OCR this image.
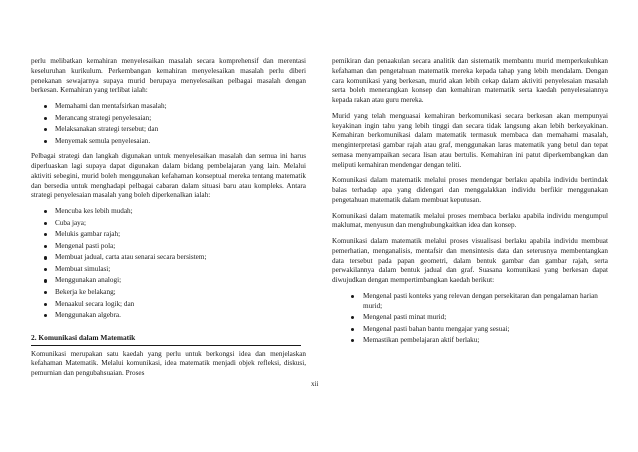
perlu melibatkan kemahiran menyelesaikan masalah secara komprehensif dan merentasi keseluruhan kurikulum. Perkembangan kemahiran menyelesaikan masalah perlu diberi penekanan sewajarnya supaya murid berupaya menyelesaikan pelbagai masalah dengan berkesan. Kemahiran yang terlibat ialah:

Memahami dan mentafsirkan masalah;
Merancang strategi penyelesaian;
Melaksanakan strategi tersebut; dan
Menyemak semula penyelesaian.

Pelbagai strategi dan langkah digunakan untuk menyelesaikan masalah dan semua ini harus diperluaskan lagi supaya dapat digunakan dalam bidang pembelajaran yang lain. Melalui aktiviti sebegini, murid boleh menggunakan kefahaman konseptual mereka tentang matematik dan bersedia untuk menghadapi pelbagai cabaran dalam situasi baru atau kompleks. Antara strategi penyelesaian masalah yang boleh diperkenalkan ialah:

Mencuba kes lebih mudah;
Cuba jaya;
Melukis gambar rajah;
Mengenal pasti pola;
Membuat jadual, carta atau senarai secara bersistem;
Membuat simulasi;
Menggunakan analogi;
Bekerja ke belakang;
Menaakul secara logik; dan
Menggunakan algebra.
2. Komunikasi dalam Matematik

Komunikasi merupakan satu kaedah yang perlu untuk berkongsi idea dan menjelaskan kefahaman Matematik. Melalui komunikasi, idea matematik menjadi objek refleksi, diskusi, pemurnian dan pengubahsuaian. Proses

pemikiran dan penaakulan secara analitik dan sistematik membantu murid memperkukuhkan kefahaman dan pengetahuan matematik mereka kepada tahap yang lebih mendalam. Dengan cara komunikasi yang berkesan, murid akan lebih cekap dalam aktiviti penyelesaian masalah serta boleh menerangkan konsep dan kemahiran matematik serta kaedah penyelesaiannya kepada rakan atau guru mereka.

Murid yang telah menguasai kemahiran berkomunikasi secara berkesan akan mempunyai keyakinan ingin tahu yang lebih tinggi dan secara tidak langsung akan lebih berkeyakinan. Kemahiran berkomunikasi dalam matematik termasuk membaca dan memahami masalah, menginterpretasi gambar rajah atau graf, menggunakan laras matematik yang betul dan tepat semasa menyampaikan secara lisan atau bertulis. Kemahiran ini patut diperkembangkan dan meliputi kemahiran mendengar dengan teliti.

Komunikasi dalam matematik melalui proses mendengar berlaku apabila individu bertindak balas terhadap apa yang didengari dan menggalakkan individu berfikir menggunakan pengetahuan matematik dalam membuat keputusan.

Komunikasi dalam matematik melalui proses membaca berlaku apabila individu mengumpul maklumat, menyusun dan menghubungkaitkan idea dan konsep.

Komunikasi dalam matematik melalui proses visualisasi berlaku apabila individu membuat pemerhatian, menganalisis, mentafsir dan mensintesis data dan seterusnya membentangkan data tersebut pada papan geometri, dalam bentuk gambar dan gambar rajah, serta perwakilannya dalam bentuk jadual dan graf. Suasana komunikasi yang berkesan dapat diwujudkan dengan mempertimbangkan kaedah berikut:

Mengenal pasti konteks yang relevan dengan persekitaran dan pengalaman harian murid;
Mengenal pasti minat murid;
Mengenal pasti bahan bantu mengajar yang sesuai;
Memastikan pembelajaran aktif berlaku;
xii
